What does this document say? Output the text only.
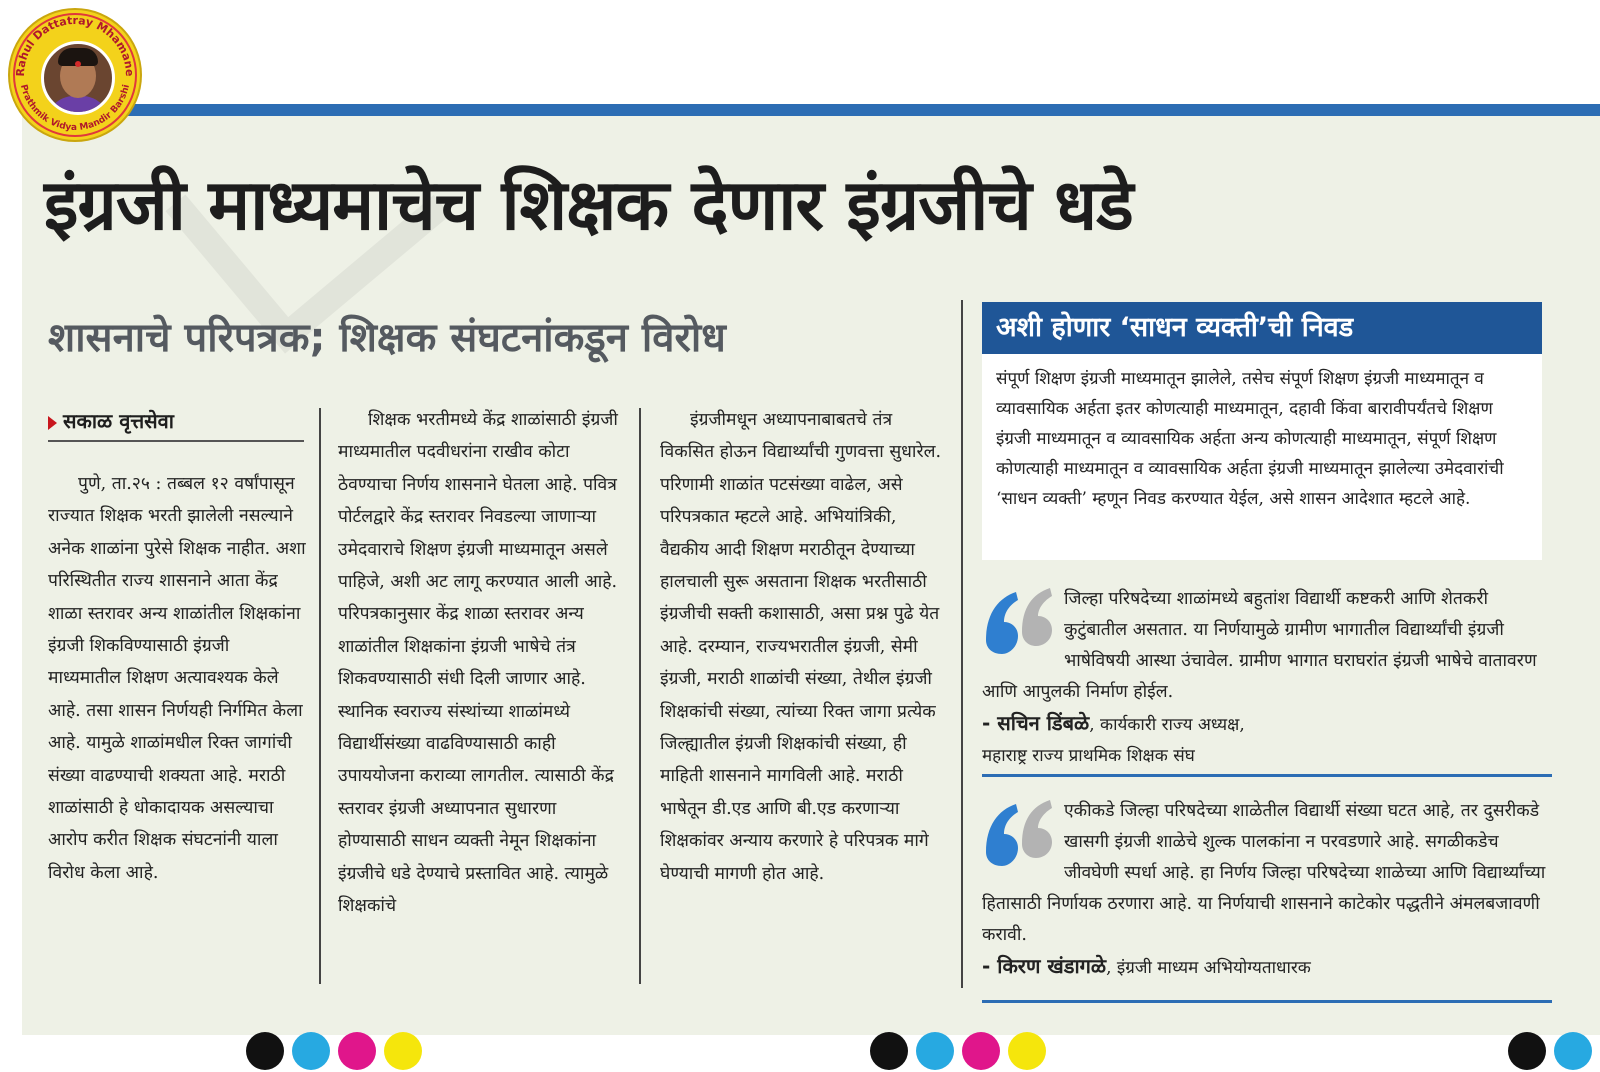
Rahul Dattatray Mhamane
Prathmik Vidya Mandir Barshi
इंग्रजी माध्यमाचेच शिक्षक देणार इंग्रजीचे धडे
शासनाचे परिपत्रक; शिक्षक संघटनांकडून विरोध
सकाळ वृत्तसेवा

पुणे, ता.२५ : तब्बल १२ वर्षांपासून राज्यात शिक्षक भरती झालेली नसल्याने अनेक शाळांना पुरेसे शिक्षक नाहीत. अशा परिस्थितीत राज्य शासनाने आता केंद्र शाळा स्तरावर अन्य शाळांतील शिक्षकांना इंग्रजी शिकविण्यासाठी इंग्रजी माध्यमातील शिक्षण अत्यावश्यक केले आहे. तसा शासन निर्णयही निर्गमित केला आहे. यामुळे शाळांमधील रिक्त जागांची संख्या वाढण्याची शक्यता आहे. मराठी शाळांसाठी हे धोकादायक असल्याचा आरोप करीत शिक्षक संघटनांनी याला विरोध केला आहे.

शिक्षक भरतीमध्ये केंद्र शाळांसाठी इंग्रजी माध्यमातील पदवीधरांना राखीव कोटा ठेवण्याचा निर्णय शासनाने घेतला आहे. पवित्र पोर्टलद्वारे केंद्र स्तरावर निवडल्या जाणाऱ्या उमेदवाराचे शिक्षण इंग्रजी माध्यमातून असले पाहिजे, अशी अट लागू करण्यात आली आहे. परिपत्रकानुसार केंद्र शाळा स्तरावर अन्य शाळांतील शिक्षकांना इंग्रजी भाषेचे तंत्र शिकवण्यासाठी संधी दिली जाणार आहे. स्थानिक स्वराज्य संस्थांच्या शाळांमध्ये विद्यार्थीसंख्या वाढविण्यासाठी काही उपाययोजना कराव्या लागतील. त्यासाठी केंद्र स्तरावर इंग्रजी अध्यापनात सुधारणा होण्यासाठी साधन व्यक्ती नेमून शिक्षकांना इंग्रजीचे धडे देण्याचे प्रस्तावित आहे. त्यामुळे शिक्षकांचे

इंग्रजीमधून अध्यापनाबाबतचे तंत्र विकसित होऊन विद्यार्थ्यांची गुणवत्ता सुधारेल. परिणामी शाळांत पटसंख्या वाढेल, असे परिपत्रकात म्हटले आहे. अभियांत्रिकी, वैद्यकीय आदी शिक्षण मराठीतून देण्याच्या हालचाली सुरू असताना शिक्षक भरतीसाठी इंग्रजीची सक्ती कशासाठी, असा प्रश्न पुढे येत आहे. दरम्यान, राज्यभरातील इंग्रजी, सेमी इंग्रजी, मराठी शाळांची संख्या, तेथील इंग्रजी शिक्षकांची संख्या, त्यांच्या रिक्त जागा प्रत्येक जिल्ह्यातील इंग्रजी शिक्षकांची संख्या, ही माहिती शासनाने मागविली आहे. मराठी भाषेतून डी.एड आणि बी.एड करणाऱ्या शिक्षकांवर अन्याय करणारे हे परिपत्रक मागे घेण्याची मागणी होत आहे.

अशी होणार ‘साधन व्यक्ती’ची निवड
संपूर्ण शिक्षण इंग्रजी माध्यमातून झालेले, तसेच संपूर्ण शिक्षण इंग्रजी माध्यमातून व व्यावसायिक अर्हता इतर कोणत्याही माध्यमातून, दहावी किंवा बारावीपर्यंतचे शिक्षण इंग्रजी माध्यमातून व व्यावसायिक अर्हता अन्य कोणत्याही माध्यमातून, संपूर्ण शिक्षण कोणत्याही माध्यमातून व व्यावसायिक अर्हता इंग्रजी माध्यमातून झालेल्या उमेदवारांची ‘साधन व्यक्ती’ म्हणून निवड करण्यात येईल, असे शासन आदेशात म्हटले आहे.

जिल्हा परिषदेच्या शाळांमध्ये बहुतांश विद्यार्थी कष्टकरी आणि शेतकरी कुटुंबातील असतात. या निर्णयामुळे ग्रामीण भागातील विद्यार्थ्यांची इंग्रजी भाषेविषयी आस्था उंचावेल. ग्रामीण भागात घराघरांत इंग्रजी भाषेचे वातावरण आणि आपुलकी निर्माण होईल.

- सचिन डिंबळे, कार्यकारी राज्य अध्यक्ष,

महाराष्ट्र राज्य प्राथमिक शिक्षक संघ

एकीकडे जिल्हा परिषदेच्या शाळेतील विद्यार्थी संख्या घटत आहे, तर दुसरीकडे खासगी इंग्रजी शाळेचे शुल्क पालकांना न परवडणारे आहे. सगळीकडेच जीवघेणी स्पर्धा आहे. हा निर्णय जिल्हा परिषदेच्या शाळेच्या आणि विद्यार्थ्यांच्या हितासाठी निर्णायक ठरणारा आहे. या निर्णयाची शासनाने काटेकोर पद्धतीने अंमलबजावणी करावी.

- किरण खंडागळे, इंग्रजी माध्यम अभियोग्यताधारक
